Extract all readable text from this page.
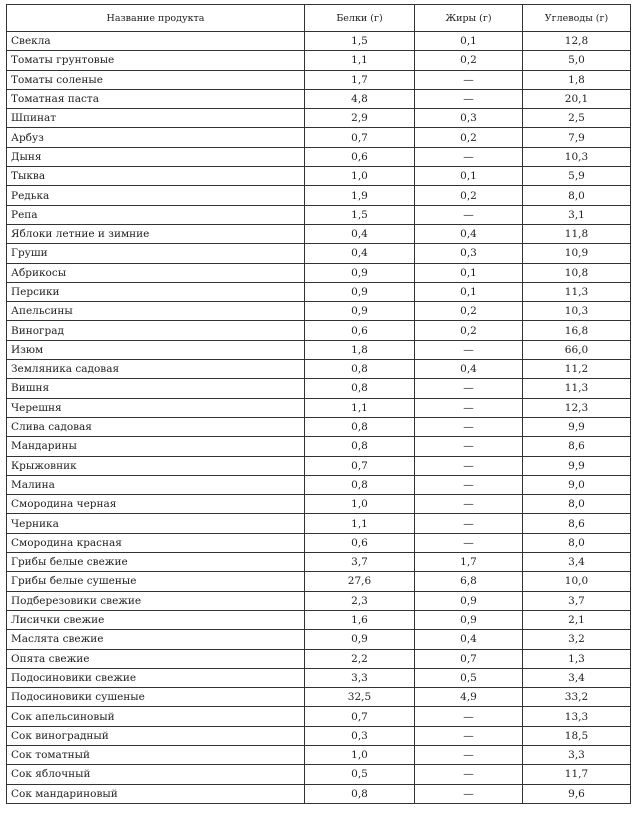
Название продукта	Белки (г)	Жиры (г)	Углеводы (г)
Свекла	1,5	0,1	12,8
Томаты грунтовые	1,1	0,2	5,0
Томаты соленые	1,7	—	1,8
Томатная паста	4,8	—	20,1
Шпинат	2,9	0,3	2,5
Арбуз	0,7	0,2	7,9
Дыня	0,6	—	10,3
Тыква	1,0	0,1	5,9
Редька	1,9	0,2	8,0
Репа	1,5	—	3,1
Яблоки летние и зимние	0,4	0,4	11,8
Груши	0,4	0,3	10,9
Абрикосы	0,9	0,1	10,8
Персики	0,9	0,1	11,3
Апельсины	0,9	0,2	10,3
Виноград	0,6	0,2	16,8
Изюм	1,8	—	66,0
Земляника садовая	0,8	0,4	11,2
Вишня	0,8	—	11,3
Черешня	1,1	—	12,3
Слива садовая	0,8	—	9,9
Мандарины	0,8	—	8,6
Крыжовник	0,7	—	9,9
Малина	0,8	—	9,0
Смородина черная	1,0	—	8,0
Черника	1,1	—	8,6
Смородина красная	0,6	—	8,0
Грибы белые свежие	3,7	1,7	3,4
Грибы белые сушеные	27,6	6,8	10,0
Подберезовики свежие	2,3	0,9	3,7
Лисички свежие	1,6	0,9	2,1
Маслята свежие	0,9	0,4	3,2
Опята свежие	2,2	0,7	1,3
Подосиновики свежие	3,3	0,5	3,4
Подосиновики сушеные	32,5	4,9	33,2
Сок апельсиновый	0,7	—	13,3
Сок виноградный	0,3	—	18,5
Сок томатный	1,0	—	3,3
Сок яблочный	0,5	—	11,7
Сок мандариновый	0,8	—	9,6
